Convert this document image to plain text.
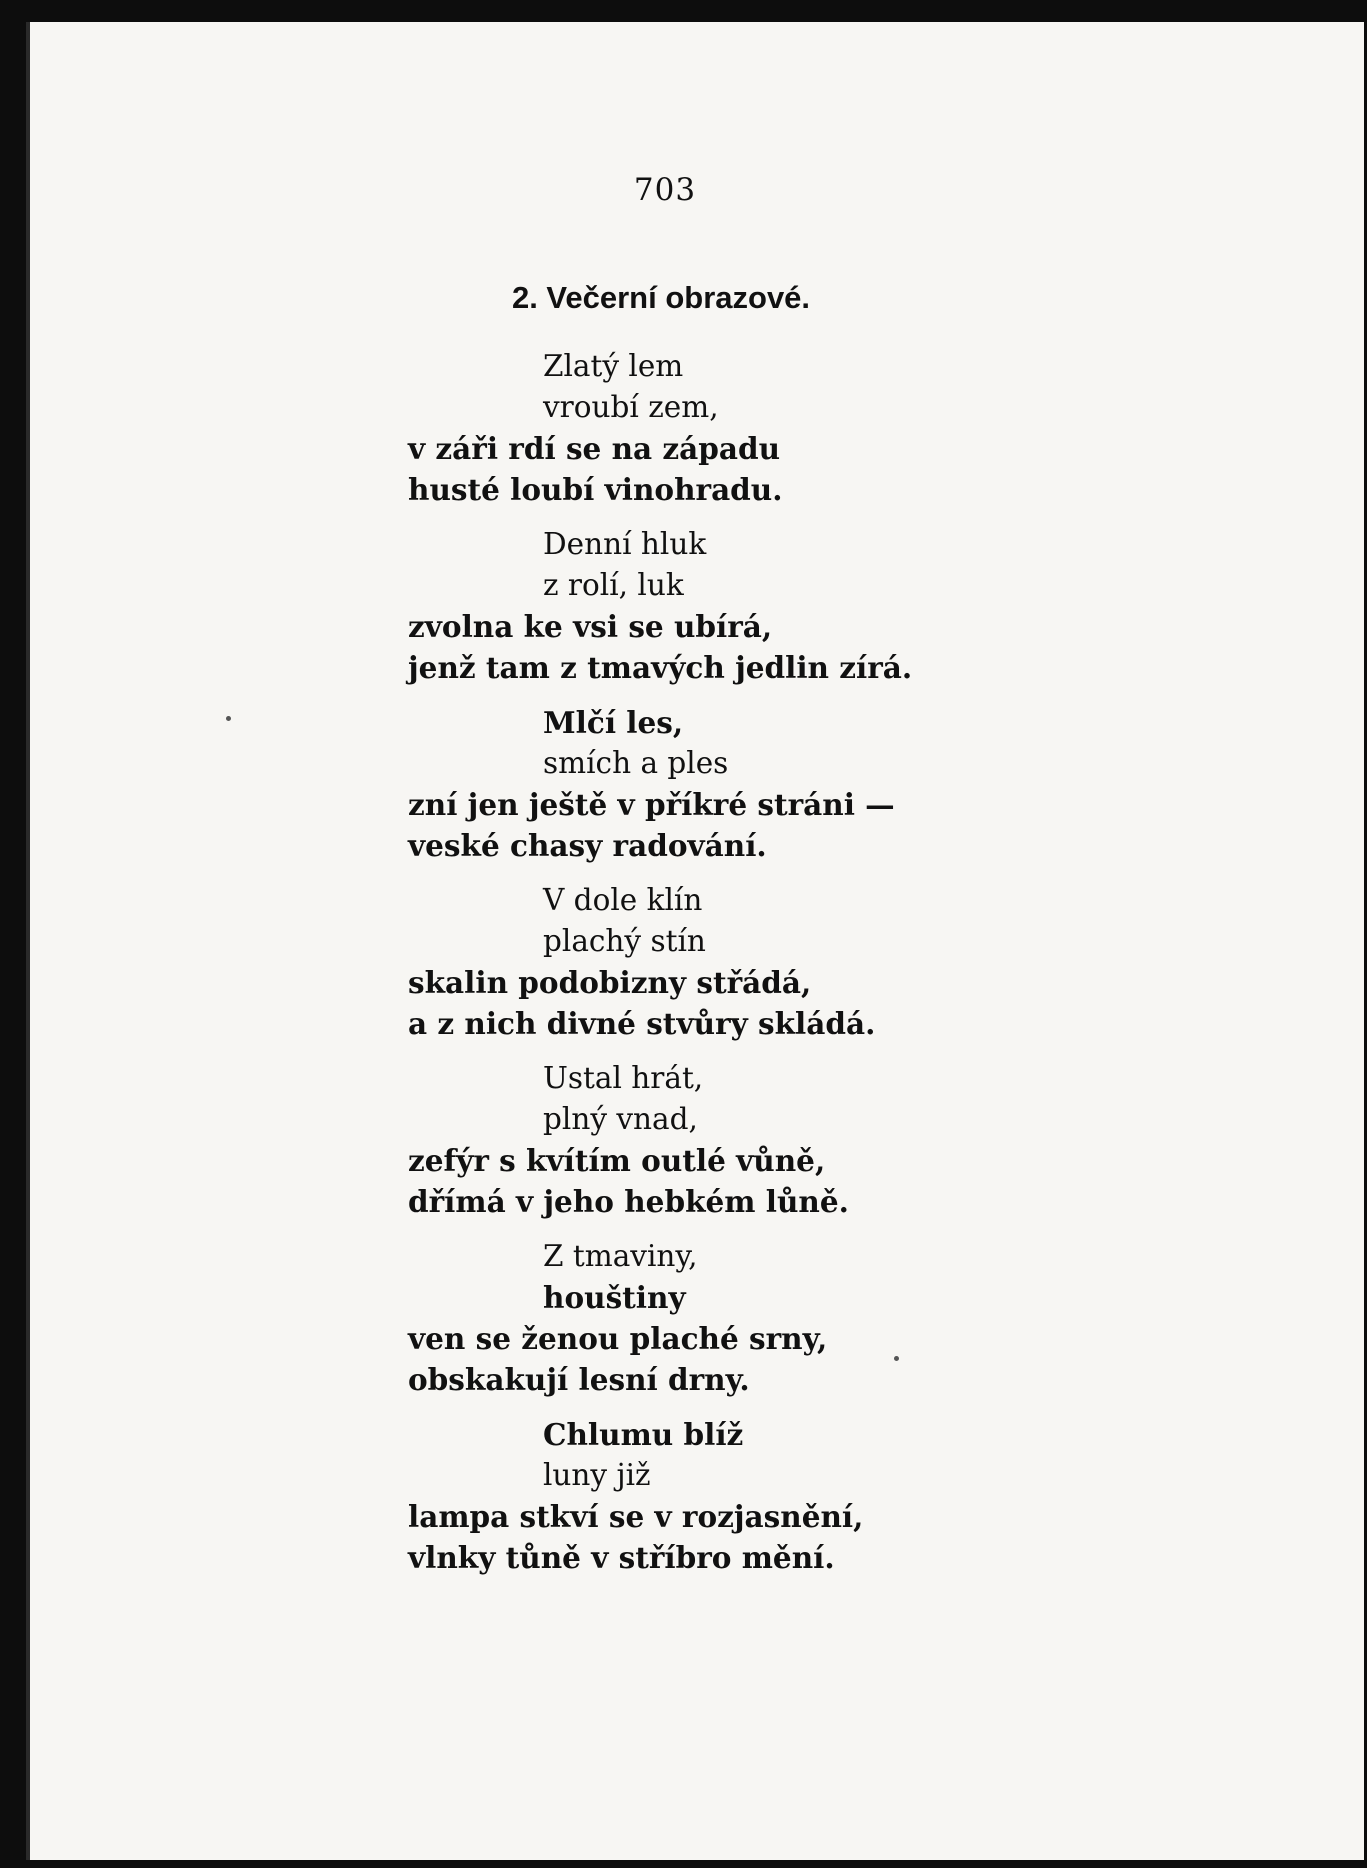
703
2. Večerní obrazové.
Zlatý lem
vroubí zem,
v záři rdí se na západu
husté loubí vinohradu.
Denní hluk
z rolí, luk
zvolna ke vsi se ubírá,
jenž tam z tmavých jedlin zírá.
Mlčí les,
smích a ples
zní jen ještě v příkré stráni —
veské chasy radování.
V dole klín
plachý stín
skalin podobizny střádá,
a z nich divné stvůry skládá.
Ustal hrát,
plný vnad,
zefýr s kvítím outlé vůně,
dřímá v jeho hebkém lůně.
Z tmaviny,
houštiny
ven se ženou plaché srny,
obskakují lesní drny.
Chlumu blíž
luny již
lampa stkví se v rozjasnění,
vlnky tůně v stříbro mění.
